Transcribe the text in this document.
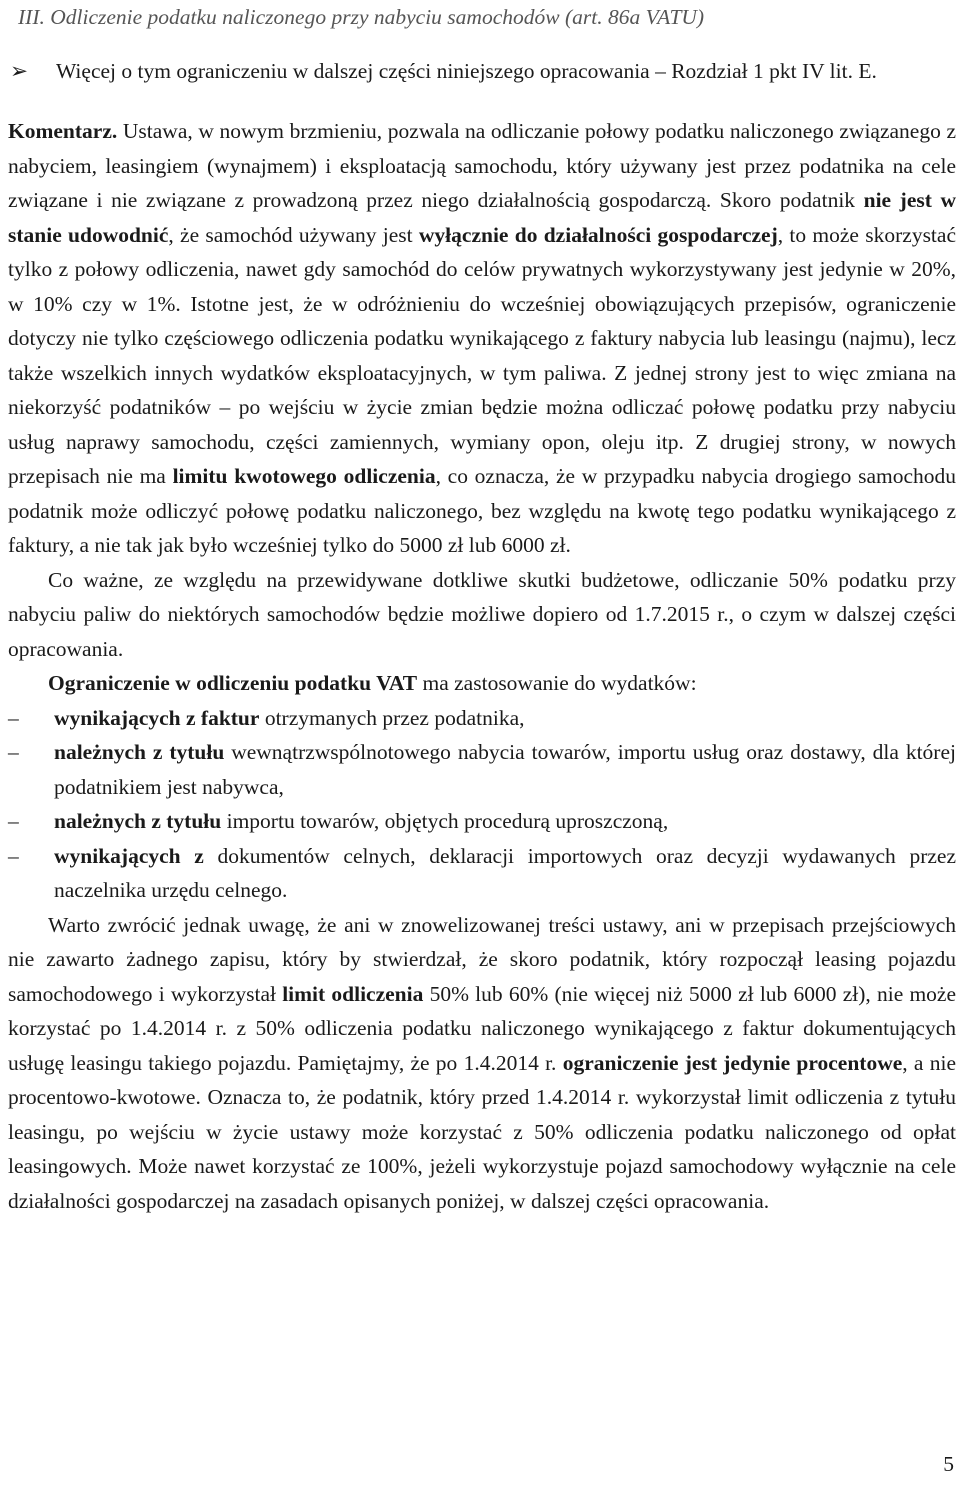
III. Odliczenie podatku naliczonego przy nabyciu samochodów (art. 86a VATU)
➢	Więcej o tym ograniczeniu w dalszej części niniejszego opracowania – Rozdział 1 pkt IV lit. E.

Komentarz. Ustawa, w nowym brzmieniu, pozwala na odliczanie połowy podatku naliczonego związanego z nabyciem, leasingiem (wynajmem) i eksploatacją samochodu, który używany jest przez podatnika na cele związane i nie związane z prowadzoną przez niego działalnością gospodarczą. Skoro podatnik nie jest w stanie udowodnić, że samochód używany jest wyłącznie do działalności gospodarczej, to może skorzystać tylko z połowy odliczenia, nawet gdy samochód do celów prywatnych wykorzystywany jest jedynie w 20%, w 10% czy w 1%. Istotne jest, że w odróżnieniu do wcześniej obowiązujących przepisów, ograniczenie dotyczy nie tylko częściowego odliczenia podatku wynikającego z faktury nabycia lub leasingu (najmu), lecz także wszelkich innych wydatków eksploatacyjnych, w tym paliwa. Z jednej strony jest to więc zmiana na niekorzyść podatników – po wejściu w życie zmian będzie można odliczać połowę podatku przy nabyciu usług naprawy samochodu, części zamiennych, wymiany opon, oleju itp. Z drugiej strony, w nowych przepisach nie ma limitu kwotowego odliczenia, co oznacza, że w przypadku nabycia drogiego samochodu podatnik może odliczyć połowę podatku naliczonego, bez względu na kwotę tego podatku wynikającego z faktury, a nie tak jak było wcześniej tylko do 5000 zł lub 6000 zł.

Co ważne, ze względu na przewidywane dotkliwe skutki budżetowe, odliczanie 50% podatku przy nabyciu paliw do niektórych samochodów będzie możliwe dopiero od 1.7.2015 r., o czym w dalszej części opracowania.

Ograniczenie w odliczeniu podatku VAT ma zastosowanie do wydatków:

–	wynikających z faktur otrzymanych przez podatnika,
–	należnych z tytułu wewnątrzwspólnotowego nabycia towarów, importu usług oraz dostawy, dla której podatnikiem jest nabywca,
–	należnych z tytułu importu towarów, objętych procedurą uproszczoną,
–	wynikających z dokumentów celnych, deklaracji importowych oraz decyzji wydawanych przez naczelnika urzędu celnego.

Warto zwrócić jednak uwagę, że ani w znowelizowanej treści ustawy, ani w przepisach przejściowych nie zawarto żadnego zapisu, który by stwierdzał, że skoro podatnik, który rozpoczął leasing pojazdu samochodowego i wykorzystał limit odliczenia 50% lub 60% (nie więcej niż 5000 zł lub 6000 zł), nie może korzystać po 1.4.2014 r. z 50% odliczenia podatku naliczonego wynikającego z faktur dokumentujących usługę leasingu takiego pojazdu. Pamiętajmy, że po 1.4.2014 r. ograniczenie jest jedynie procentowe, a nie procentowo-kwotowe. Oznacza to, że podatnik, który przed 1.4.2014 r. wykorzystał limit odliczenia z tytułu leasingu, po wejściu w życie ustawy może korzystać z 50% odliczenia podatku naliczonego od opłat leasingowych. Może nawet korzystać ze 100%, jeżeli wykorzystuje pojazd samochodowy wyłącznie na cele działalności gospodarczej na zasadach opisanych poniżej, w dalszej części opracowania.

5
